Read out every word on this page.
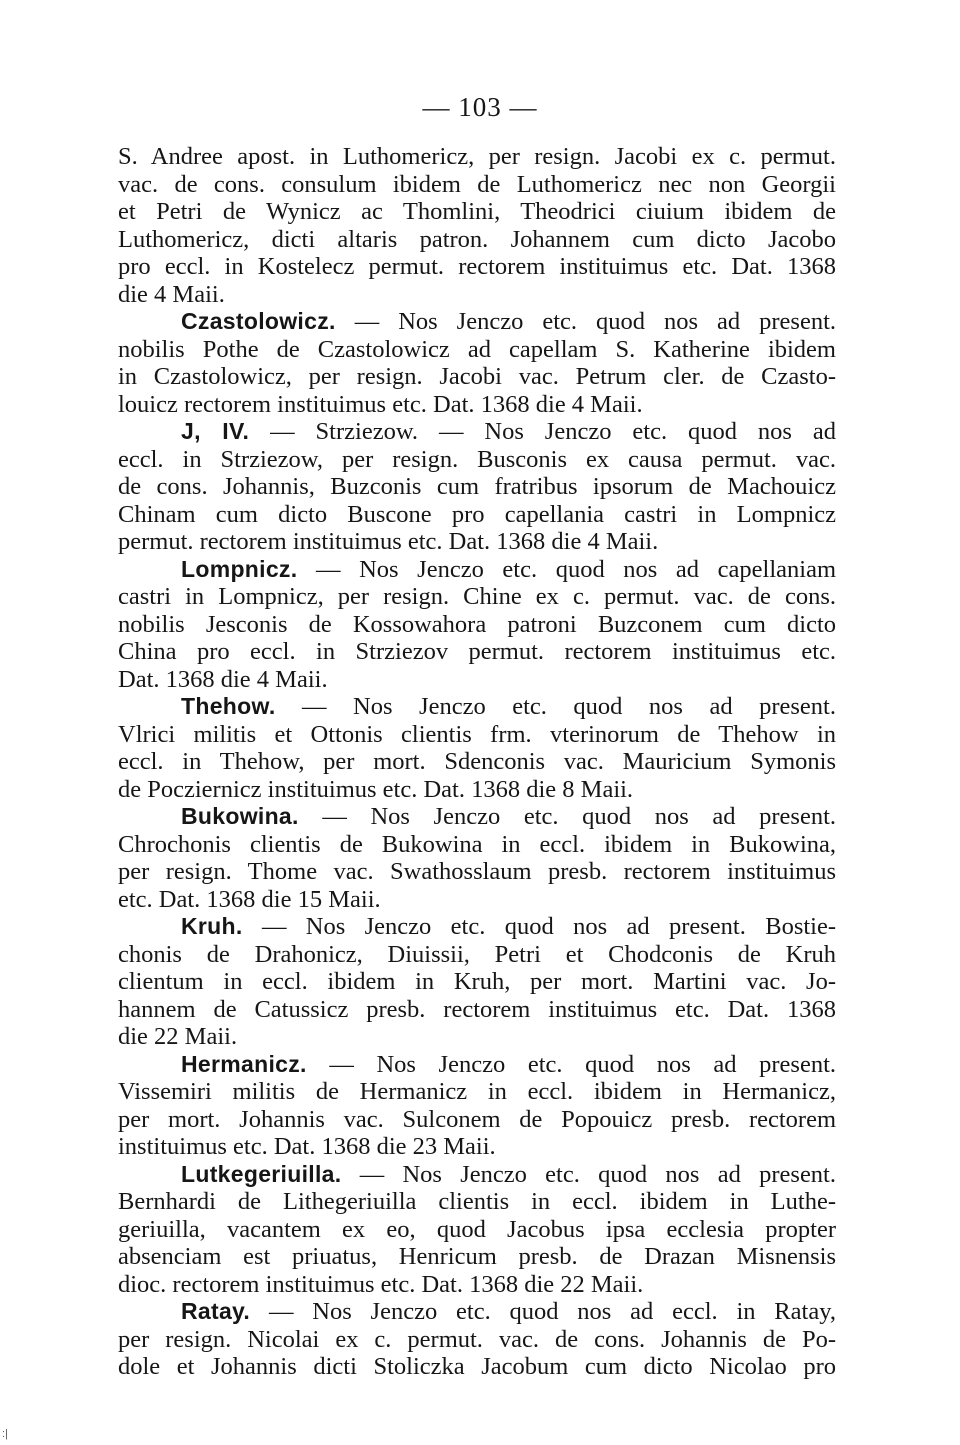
— 103 —
S. Andree apost. in Luthomericz, per resign. Jacobi ex c. permut.
vac. de cons. consulum ibidem de Luthomericz nec non Georgii
et Petri de Wynicz ac Thomlini, Theodrici ciuium ibidem de
Luthomericz, dicti altaris patron. Johannem cum dicto Jacobo
pro eccl. in Kostelecz permut. rectorem instituimus etc. Dat. 1368
die 4 Maii.
Czastolowicz. — Nos Jenczo etc. quod nos ad present.
nobilis Pothe de Czastolowicz ad capellam S. Katherine ibidem
in Czastolowicz, per resign. Jacobi vac. Petrum cler. de Czasto-
louicz rectorem instituimus etc. Dat. 1368 die 4 Maii.
J, IV. — Strziezow. — Nos Jenczo etc. quod nos ad
eccl. in Strziezow, per resign. Busconis ex causa permut. vac.
de cons. Johannis, Buzconis cum fratribus ipsorum de Machouicz
Chinam cum dicto Buscone pro capellania castri in Lompnicz
permut. rectorem instituimus etc. Dat. 1368 die 4 Maii.
Lompnicz. — Nos Jenczo etc. quod nos ad capellaniam
castri in Lompnicz, per resign. Chine ex c. permut. vac. de cons.
nobilis Jesconis de Kossowahora patroni Buzconem cum dicto
China pro eccl. in Strziezov permut. rectorem instituimus etc.
Dat. 1368 die 4 Maii.
Thehow. — Nos Jenczo etc. quod nos ad present.
Vlrici militis et Ottonis clientis frm. vterinorum de Thehow in
eccl. in Thehow, per mort. Sdenconis vac. Mauricium Symonis
de Pocziernicz instituimus etc. Dat. 1368 die 8 Maii.
Bukowina. — Nos Jenczo etc. quod nos ad present.
Chrochonis clientis de Bukowina in eccl. ibidem in Bukowina,
per resign. Thome vac. Swathosslaum presb. rectorem instituimus
etc. Dat. 1368 die 15 Maii.
Kruh. — Nos Jenczo etc. quod nos ad present. Bostie-
chonis de Drahonicz, Diuissii, Petri et Chodconis de Kruh
clientum in eccl. ibidem in Kruh, per mort. Martini vac. Jo-
hannem de Catussicz presb. rectorem instituimus etc. Dat. 1368
die 22 Maii.
Hermanicz. — Nos Jenczo etc. quod nos ad present.
Vissemiri militis de Hermanicz in eccl. ibidem in Hermanicz,
per mort. Johannis vac. Sulconem de Popouicz presb. rectorem
instituimus etc. Dat. 1368 die 23 Maii.
Lutkegeriuilla. — Nos Jenczo etc. quod nos ad present.
Bernhardi de Lithegeriuilla clientis in eccl. ibidem in Luthe-
geriuilla, vacantem ex eo, quod Jacobus ipsa ecclesia propter
absenciam est priuatus, Henricum presb. de Drazan Misnensis
dioc. rectorem instituimus etc. Dat. 1368 die 22 Maii.
Ratay. — Nos Jenczo etc. quod nos ad eccl. in Ratay,
per resign. Nicolai ex c. permut. vac. de cons. Johannis de Po-
dole et Johannis dicti Stoliczka Jacobum cum dicto Nicolao pro
:|
